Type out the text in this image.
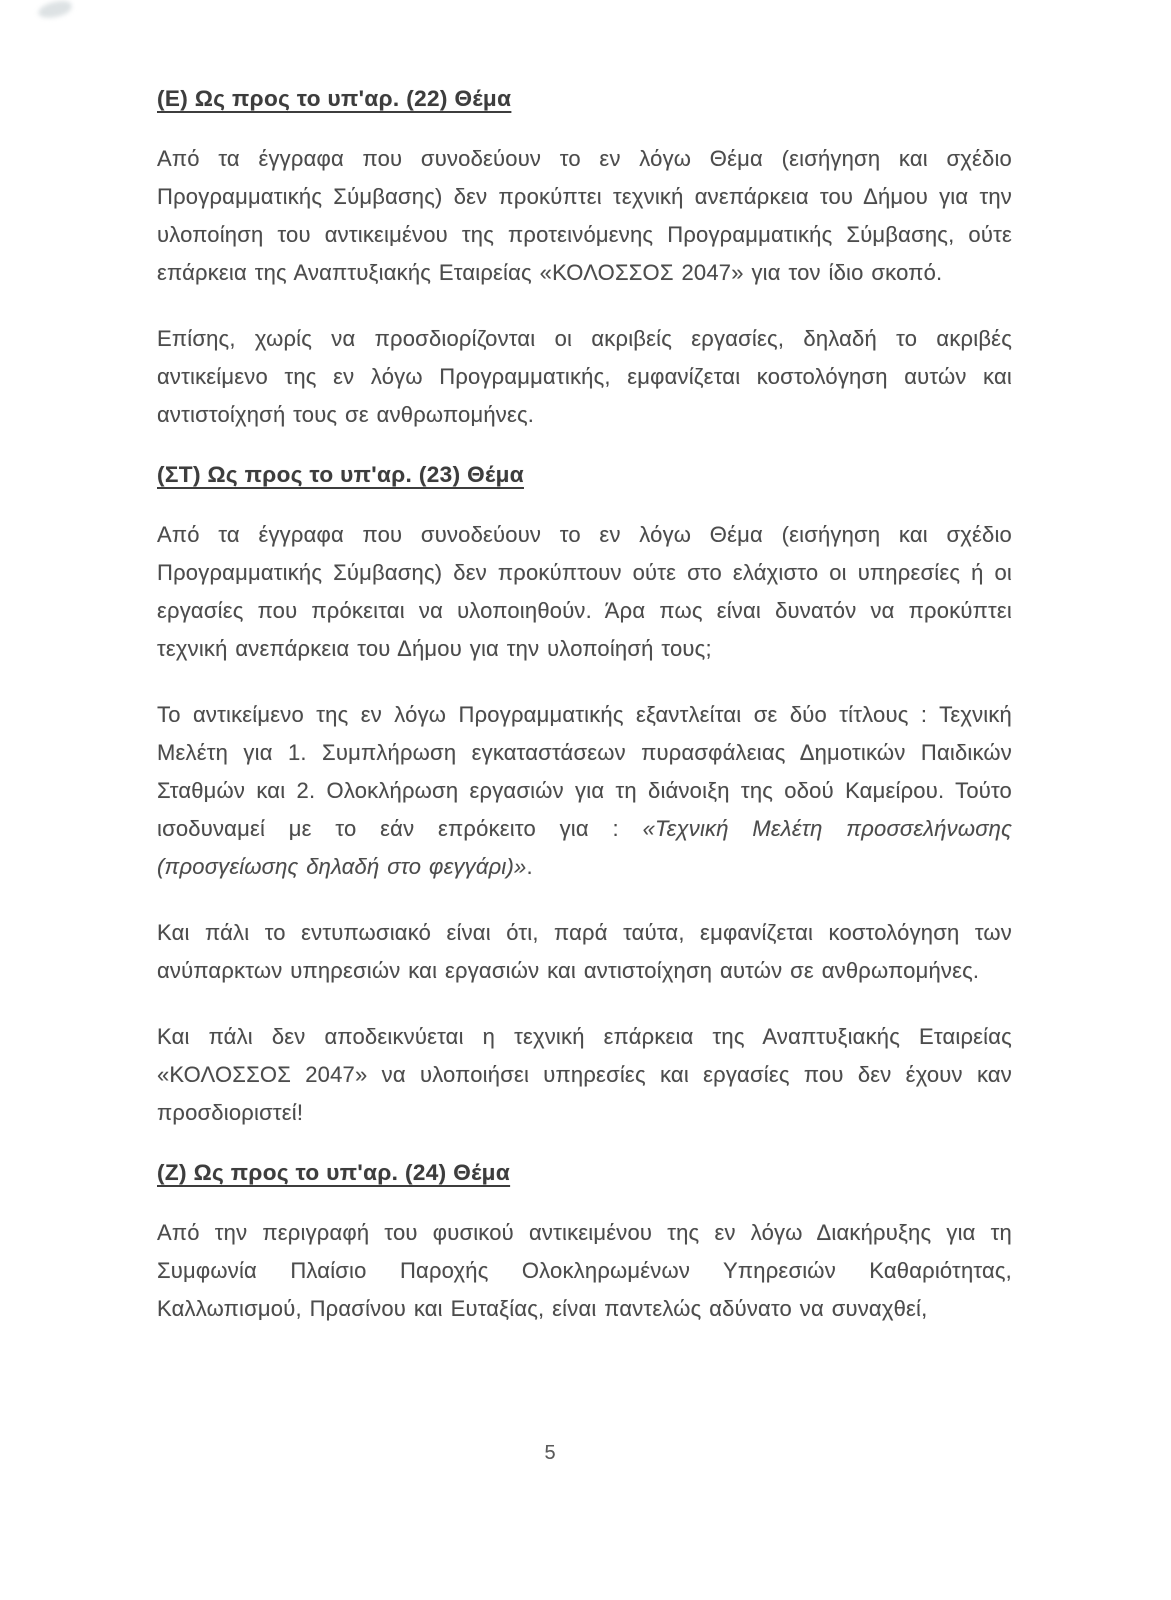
(Ε) Ως προς το υπ'αρ. (22) Θέμα

Από τα έγγραφα που συνοδεύουν το εν λόγω Θέμα (εισήγηση και σχέδιο Προγραμματικής Σύμβασης) δεν προκύπτει τεχνική ανεπάρκεια του Δήμου για την υλοποίηση του αντικειμένου της προτεινόμενης Προγραμματικής Σύμβασης, ούτε επάρκεια της Αναπτυξιακής Εταιρείας «ΚΟΛΟΣΣΟΣ 2047» για τον ίδιο σκοπό.

Επίσης, χωρίς να προσδιορίζονται οι ακριβείς εργασίες, δηλαδή το ακριβές αντικείμενο της εν λόγω Προγραμματικής, εμφανίζεται κοστολόγηση αυτών και αντιστοίχησή τους σε ανθρωπομήνες.

(ΣΤ) Ως προς το υπ'αρ. (23) Θέμα

Από τα έγγραφα που συνοδεύουν το εν λόγω Θέμα (εισήγηση και σχέδιο Προγραμματικής Σύμβασης) δεν προκύπτουν ούτε στο ελάχιστο οι υπηρεσίες ή οι εργασίες που πρόκειται να υλοποιηθούν. Άρα πως είναι δυνατόν να προκύπτει τεχνική ανεπάρκεια του Δήμου για την υλοποίησή τους;

Το αντικείμενο της εν λόγω Προγραμματικής εξαντλείται σε δύο τίτλους : Τεχνική Μελέτη για 1. Συμπλήρωση εγκαταστάσεων πυρασφάλειας Δημοτικών Παιδικών Σταθμών και 2. Ολοκλήρωση εργασιών για τη διάνοιξη της οδού Καμείρου. Τούτο ισοδυναμεί με το εάν επρόκειτο για : «Τεχνική Μελέτη προσσελήνωσης (προσγείωσης δηλαδή στο φεγγάρι)».

Και πάλι το εντυπωσιακό είναι ότι, παρά ταύτα, εμφανίζεται κοστολόγηση των ανύπαρκτων υπηρεσιών και εργασιών και αντιστοίχηση αυτών σε ανθρωπομήνες.

Και πάλι δεν αποδεικνύεται η τεχνική επάρκεια της Αναπτυξιακής Εταιρείας «ΚΟΛΟΣΣΟΣ 2047» να υλοποιήσει υπηρεσίες και εργασίες που δεν έχουν καν προσδιοριστεί!

(Ζ) Ως προς το υπ'αρ. (24) Θέμα

Από την περιγραφή του φυσικού αντικειμένου της εν λόγω Διακήρυξης για τη Συμφωνία Πλαίσιο Παροχής Ολοκληρωμένων Υπηρεσιών Καθαριότητας, Καλλωπισμού, Πρασίνου και Ευταξίας, είναι παντελώς αδύνατο να συναχθεί,

5
